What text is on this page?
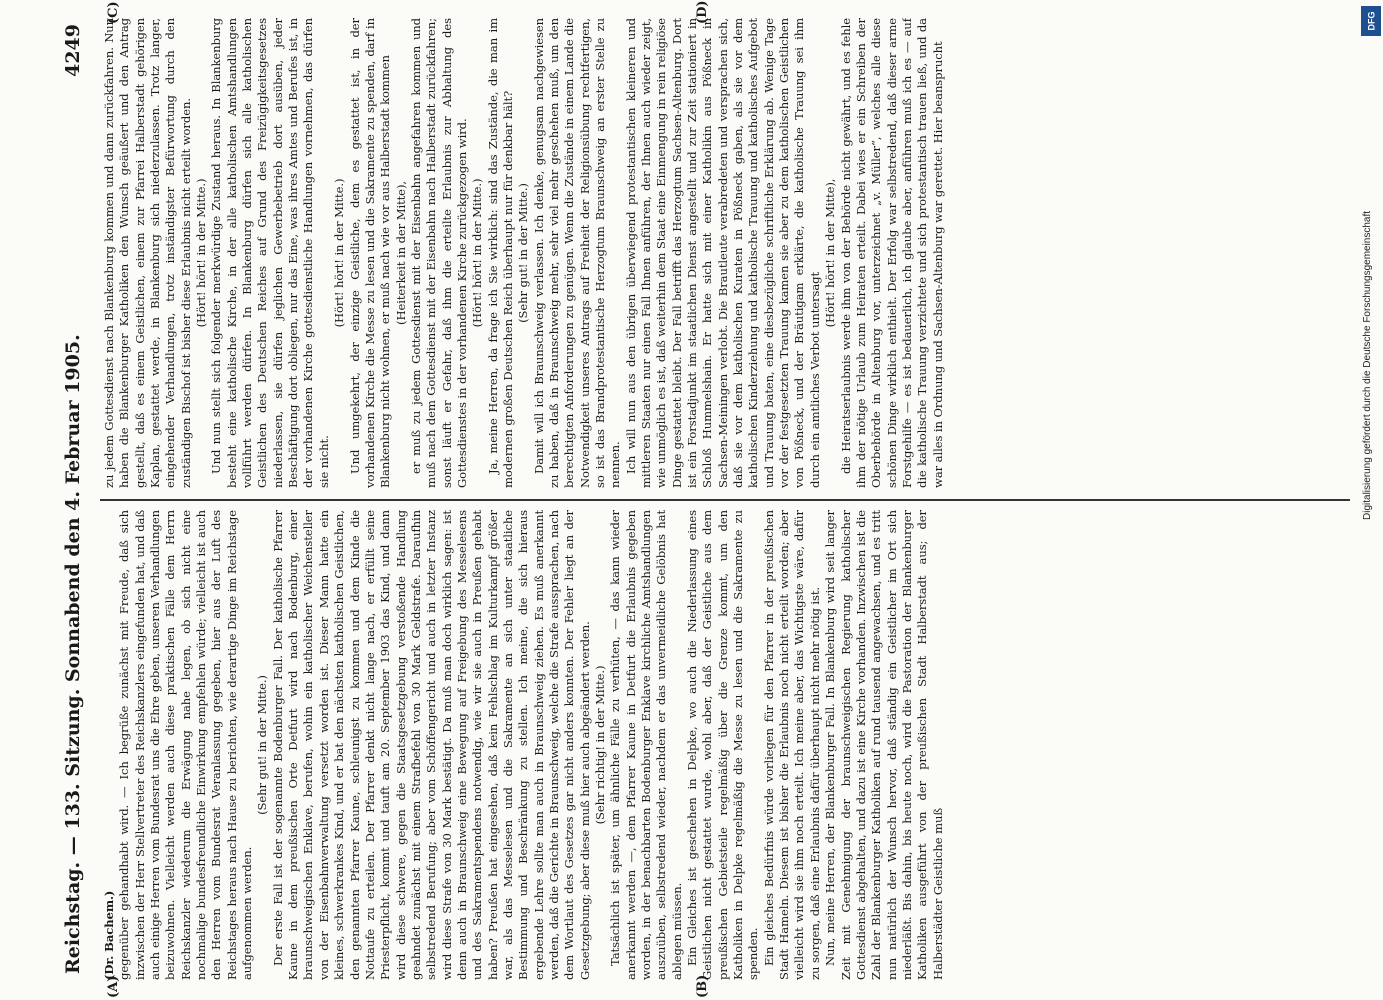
Reichstag. — 133. Sitzung. Sonnabend den 4. Februar 1905.
4249
(A)	(B)
(C)	(D)

(Dr. Bachem.) gegenüber gehandhabt wird. — Ich begrüße zunächst mit Freude, daß sich inzwischen der Herr Stellvertreter des Reichskanzlers eingefunden hat, und daß auch einige Herren vom Bundesrat uns die Ehre geben, unseren Verhandlungen beizuwohnen. Vielleicht werden auch diese praktischen Fälle dem Herrn Reichskanzler wiederum die Erwägung nahe legen, ob sich nicht eine nochmalige bundesfreundliche Einwirkung empfehlen würde; vielleicht ist auch den Herren vom Bundesrat Veranlassung gegeben, hier aus der Luft des Reichstages heraus nach Hause zu berichten, wie derartige Dinge im Reichstage aufgenommen werden.

(Sehr gut! in der Mitte.) Der erste Fall ist der sogenannte Bodenburger Fall. Der katholische Pfarrer Kaune in dem preußischen Orte Detfurt wird nach Bodenburg, einer braunschweigischen Enklave, berufen, wohin ein katholischer Weichensteller von der Eisenbahnverwaltung versetzt worden ist. Dieser Mann hatte ein kleines, schwerkrankes Kind, und er bat den nächsten katholischen Geistlichen, den genannten Pfarrer Kaune, schleunigst zu kommen und dem Kinde die Nottaufe zu erteilen. Der Pfarrer denkt nicht lange nach, er erfüllt seine Priesterpflicht, kommt und tauft am 20. September 1903 das Kind, und dann wird diese schwere, gegen die Staatsgesetzgebung verstoßende Handlung geahndet zunächst mit einem Strafbefehl von 30 Mark Geldstrafe. Daraufhin selbstredend Berufung; aber vom Schöffengericht und auch in letzter Instanz wird diese Strafe von 30 Mark bestätigt. Da muß man doch wirklich sagen: ist denn auch in Braunschweig eine Bewegung auf Freigebung des Messelesens und des Sakramentspendens notwendig, wie wir sie auch in Preußen gehabt haben? Preußen hat eingesehen, daß kein Fehlschlag im Kulturkampf größer war, als das Messelesen und die Sakramente an sich unter staatliche Bestimmung und Beschränkung zu stellen. Ich meine, die sich hieraus ergebende Lehre sollte man auch in Braunschweig ziehen. Es muß anerkannt werden, daß die Gerichte in Braunschweig, welche die Strafe aussprachen, nach dem Wortlaut des Gesetzes gar nicht anders konnten. Der Fehler liegt an der Gesetzgebung; aber diese muß hier auch abgeändert werden. (Sehr richtig! in der Mitte.) Tatsächlich ist später, um ähnliche Fälle zu verhüten, — das kann wieder anerkannt werden —, dem Pfarrer Kaune in Detfurt die Erlaubnis gegeben worden, in der benachbarten Bodenburger Enklave kirchliche Amtshandlungen auszuüben, selbstredend wieder, nachdem er das unvermeidliche Gelöbnis hat ablegen müssen. Ein Gleiches ist geschehen in Delpke, wo auch die Niederlassung eines Geistlichen nicht gestattet wurde, wohl aber, daß der Geistliche aus dem preußischen Gebietsteile regelmäßig über die Grenze kommt, um den Katholiken in Delpke regelmäßig die Messe zu lesen und die Sakramente zu spenden. Ein gleiches Bedürfnis würde vorliegen für den Pfarrer in der preußischen Stadt Hameln. Diesem ist bisher die Erlaubnis noch nicht erteilt worden; aber vielleicht wird sie ihm noch erteilt. Ich meine aber, das Wichtigste wäre, dafür zu sorgen, daß eine Erlaubnis dafür überhaupt nicht mehr nötig ist. Nun, meine Herren, der Blankenburger Fall. In Blankenburg wird seit langer Zeit mit Genehmigung der braunschweigischen Regierung katholischer Gottesdienst abgehalten, und dazu ist eine Kirche vorhanden. Inzwischen ist die Zahl der Blankenburger Katholiken auf rund tausend angewachsen, und es tritt nun natürlich der Wunsch hervor, daß ständig ein Geistlicher im Ort sich niederläßt. Bis dahin, bis heute noch, wird die Pastoration der Blankenburger Katholiken ausgeführt von der preußischen Stadt Halberstadt aus; der Halberstädter Geistliche muß

zu jedem Gottesdienst nach Blankenburg kommen und dann zurückfahren. Nun haben die Blankenburger Katholiken den Wunsch geäußert und den Antrag gestellt, daß es einem Geistlichen, einem zur Pfarrei Halberstadt gehörigen Kaplan, gestattet werde, in Blankenburg sich niederzulassen. Trotz langer, eingehender Verhandlungen, trotz inständigster Befürwortung durch den zuständigen Bischof ist bisher diese Erlaubnis nicht erteilt worden. (Hört! hört! in der Mitte.) Und nun stellt sich folgender merkwürdige Zustand heraus. In Blankenburg besteht eine katholische Kirche, in der alle katholischen Amtshandlungen vollführt werden dürfen. In Blankenburg dürfen sich alle katholischen Geistlichen des Deutschen Reiches auf Grund des Freizügigkeitsgesetzes niederlassen, sie dürfen jeglichen Gewerbebetrieb dort ausüben, jeder Beschäftigung dort obliegen, nur das Eine, was ihres Amtes und Berufes ist, in der vorhandenen Kirche gottesdienstliche Handlungen vornehmen, das dürfen sie nicht.

(Hört! hört! in der Mitte.) Und umgekehrt, der einzige Geistliche, dem es gestattet ist, in der vorhandenen Kirche die Messe zu lesen und die Sakramente zu spenden, darf in Blankenburg nicht wohnen, er muß nach wie vor aus Halberstadt kommen (Heiterkeit in der Mitte), er muß zu jedem Gottesdienst mit der Eisenbahn angefahren kommen und muß nach dem Gottesdienst mit der Eisenbahn nach Halberstadt zurückfahren; sonst läuft er Gefahr, daß ihm die erteilte Erlaubnis zur Abhaltung des Gottesdienstes in der vorhandenen Kirche zurückgezogen wird. (Hört! hört! in der Mitte.) Ja, meine Herren, da frage ich Sie wirklich: sind das Zustände, die man im modernen großen Deutschen Reich überhaupt nur für denkbar hält? (Sehr gut! in der Mitte.) Damit will ich Braunschweig verlassen. Ich denke, genugsam nachgewiesen zu haben, daß in Braunschweig mehr, sehr viel mehr geschehen muß, um den berechtigten Anforderungen zu genügen. Wenn die Zustände in einem Lande die Notwendigkeit unseres Antrags auf Freiheit der Religionsübung rechtfertigen, so ist das Brandprotestantische Herzogtum Braunschweig an erster Stelle zu nennen. Ich will nun aus den übrigen überwiegend protestantischen kleineren und mittleren Staaten nur einen Fall Ihnen anführen, der Ihnen auch wieder zeigt, wie unmöglich es ist, daß weiterhin dem Staat eine Einmengung in rein religiöse Dinge gestattet bleibt. Der Fall betrifft das Herzogtum Sachsen-Altenburg. Dort ist ein Forstadjunkt im staatlichen Dienst angestellt und zur Zeit stationiert in Schloß Hummelshain. Er hatte sich mit einer Katholikin aus Pößneck in Sachsen-Meiningen verlobt. Die Brautleute verabredeten und versprachen sich, daß sie vor dem katholischen Kuraten in Pößneck gaben, als sie vor dem katholischen Kinderziehung und katholische Trauung und katholisches Aufgebot und Trauung baten, eine diesbezügliche schriftliche Erklärung ab. Wenige Tage vor der festgesetzten Trauung kamen sie aber zu dem katholischen Geistlichen von Pößneck, und der Bräutigam erklärte, die katholische Trauung sei ihm durch ein amtliches Verbot untersagt

(Hört! hört! in der Mitte), die Heiratserlaubnis werde ihm von der Behörde nicht gewährt, und es fehle ihm der nötige Urlaub zum Heiraten erteilt. Dabei wies er ein Schreiben der Oberbehörde in Altenburg vor, unterzeichnet „v. Müller“, welches alle diese schönen Dinge wirklich enthielt. Der Erfolg war selbstredend, daß dieser arme Forstgehilfe — es ist bedauerlich, ich glaube aber, anführen muß ich es — auf die katholische Trauung verzichtete und sich protestantisch trauen ließ, und da war alles in Ordnung und Sachsen-Altenburg war gerettet. Hier beansprucht

DFG
Digitalisierung gefördert durch die Deutsche Forschungsgemeinschaft
